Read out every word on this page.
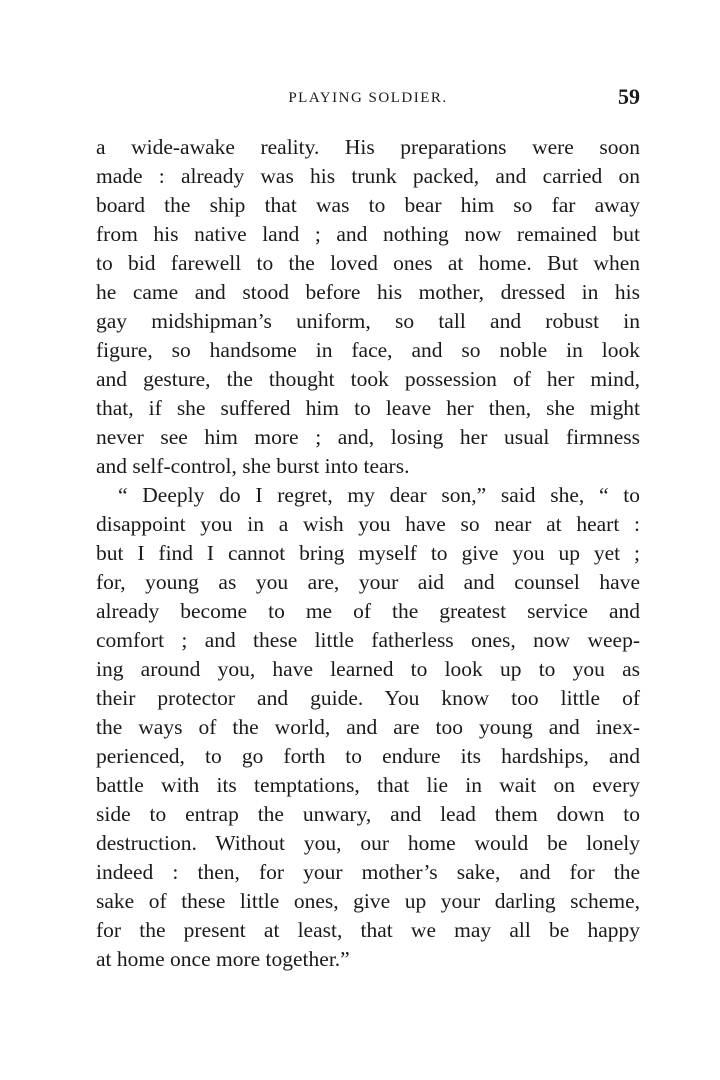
PLAYING SOLDIER.	59
a wide-awake reality. His preparations were soon
made : already was his trunk packed, and carried on
board the ship that was to bear him so far away
from his native land ; and nothing now remained but
to bid farewell to the loved ones at home. But when
he came and stood before his mother, dressed in his
gay midshipman’s uniform, so tall and robust in
figure, so handsome in face, and so noble in look
and gesture, the thought took possession of her mind,
that, if she suffered him to leave her then, she might
never see him more ; and, losing her usual firmness
and self-control, she burst into tears.
“ Deeply do I regret, my dear son,” said she, “ to
disappoint you in a wish you have so near at heart :
but I find I cannot bring myself to give you up yet ;
for, young as you are, your aid and counsel have
already become to me of the greatest service and
comfort ; and these little fatherless ones, now weep-
ing around you, have learned to look up to you as
their protector and guide. You know too little of
the ways of the world, and are too young and inex-
perienced, to go forth to endure its hardships, and
battle with its temptations, that lie in wait on every
side to entrap the unwary, and lead them down to
destruction. Without you, our home would be lonely
indeed : then, for your mother’s sake, and for the
sake of these little ones, give up your darling scheme,
for the present at least, that we may all be happy
at home once more together.”
